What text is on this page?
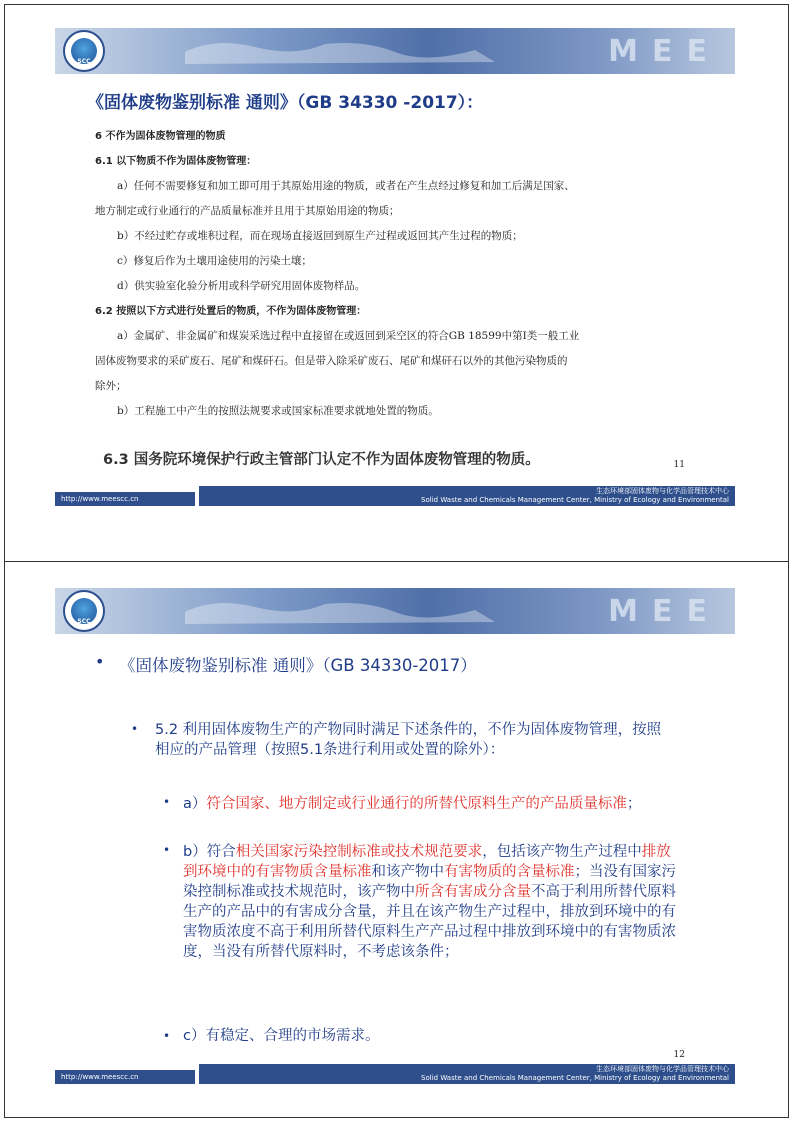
SCC	MEE
《固体废物鉴别标准 通则》（GB 34330 -2017）：

6 不作为固体废物管理的物质

6.1 以下物质不作为固体废物管理：

a）任何不需要修复和加工即可用于其原始用途的物质，或者在产生点经过修复和加工后满足国家、

地方制定或行业通行的产品质量标准并且用于其原始用途的物质；

b）不经过贮存或堆积过程，而在现场直接返回到原生产过程或返回其产生过程的物质；

c）修复后作为土壤用途使用的污染土壤；

d）供实验室化验分析用或科学研究用固体废物样品。

6.2 按照以下方式进行处置后的物质，不作为固体废物管理：

a）金属矿、非金属矿和煤炭采选过程中直接留在或返回到采空区的符合GB 18599中第I类一般工业

固体废物要求的采矿废石、尾矿和煤矸石。但是带入除采矿废石、尾矿和煤矸石以外的其他污染物质的

除外；

b）工程施工中产生的按照法规要求或国家标准要求就地处置的物质。

6.3 国务院环境保护行政主管部门认定不作为固体废物管理的物质。	11
http://www.meescc.cn
生态环境部固体废物与化学品管理技术中心
Solid Waste and Chemicals Management Center, Ministry of Ecology and Environmental
SCC	MEE
• 《固体废物鉴别标准 通则》（GB 34330-2017）
• 5.2 利用固体废物生产的产物同时满足下述条件的，不作为固体废物管理，按照相应的产品管理（按照5.1条进行利用或处置的除外）：
• a）符合国家、地方制定或行业通行的所替代原料生产的产品质量标准；
• b）符合相关国家污染控制标准或技术规范要求，包括该产物生产过程中排放到环境中的有害物质含量标准和该产物中有害物质的含量标准；当没有国家污染控制标准或技术规范时，该产物中所含有害成分含量不高于利用所替代原料生产的产品中的有害成分含量，并且在该产物生产过程中，排放到环境中的有害物质浓度不高于利用所替代原料生产产品过程中排放到环境中的有害物质浓度，当没有所替代原料时，不考虑该条件；
• c）有稳定、合理的市场需求。
12
http://www.meescc.cn
生态环境部固体废物与化学品管理技术中心
Solid Waste and Chemicals Management Center, Ministry of Ecology and Environmental
